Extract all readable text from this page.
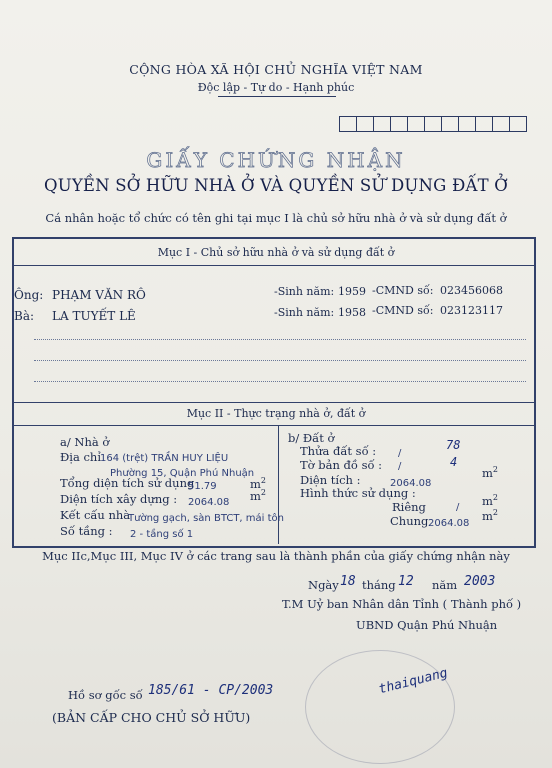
CỘNG HÒA XÃ HỘI CHỦ NGHĨA VIỆT NAM
Độc lập - Tự do - Hạnh phúc
GIẤY CHỨNG NHẬN
QUYỀN SỞ HỮU NHÀ Ở VÀ QUYỀN SỬ DỤNG ĐẤT Ở
Cá nhân hoặc tổ chức có tên ghi tại mục I là chủ sở hữu nhà ở và sử dụng đất ở
Mục I - Chủ sở hữu nhà ở và sử dụng đất ở
Ông: PHẠM VĂN RÔ	-Sinh năm: 1959 -CMND số: 023456068
Bà: LA TUYẾT LÊ	-Sinh năm: 1958 -CMND số: 023123117
Mục II - Thực trạng nhà ở, đất ở
a/ Nhà ở
Địa chỉ 164 (trệt) TRẦN HUY LIỆU
Phường 15, Quận Phú Nhuận
Tổng diện tích sử dụng
51.79	$m^2$
Diện tích xây dựng : 2064.08 $m^2$
Kết cấu nhà
Tường gạch, sàn BTCT, mái tôn
Số tầng : 2 - tầng số 1
b/ Đất ở
Thửa đất số : /
78
Tờ bản đồ số : /	4
Diện tích :	2064.08
$m^2$
Hình thức sử dụng :
Riêng	/ $m^2$
Chung 2064.08
$m^2$
Mục IIc,Mục III, Mục IV ở các trang sau là thành phần của giấy chứng nhận này
Ngày 18 tháng 12 năm 2003
T.M Uỷ ban Nhân dân Tỉnh ( Thành phố )
UBND Quận Phú Nhuận
thaiquang
Hồ sơ gốc số 185/61 - CP/2003
(BẢN CẤP CHO CHỦ SỞ HỮU)
